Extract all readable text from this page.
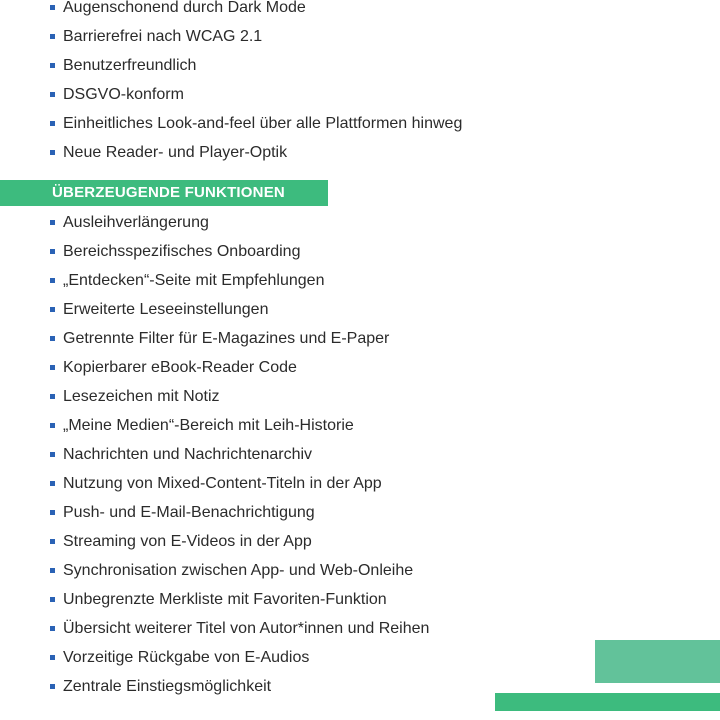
Augenschonend durch Dark Mode
Barrierefrei nach WCAG 2.1
Benutzerfreundlich
DSGVO-konform
Einheitliches Look-and-feel über alle Plattformen hinweg
Neue Reader- und Player-Optik
ÜBERZEUGENDE FUNKTIONEN
Ausleihverlängerung
Bereichsspezifisches Onboarding
„Entdecken“-Seite mit Empfehlungen
Erweiterte Leseeinstellungen
Getrennte Filter für E-Magazines und E-Paper
Kopierbarer eBook-Reader Code
Lesezeichen mit Notiz
„Meine Medien“-Bereich mit Leih-Historie
Nachrichten und Nachrichtenarchiv
Nutzung von Mixed-Content-Titeln in der App
Push- und E-Mail-Benachrichtigung
Streaming von E-Videos in der App
Synchronisation zwischen App- und Web-Onleihe
Unbegrenzte Merkliste mit Favoriten-Funktion
Übersicht weiterer Titel von Autor*innen und Reihen
Vorzeitige Rückgabe von E-Audios
Zentrale Einstiegsmöglichkeit
